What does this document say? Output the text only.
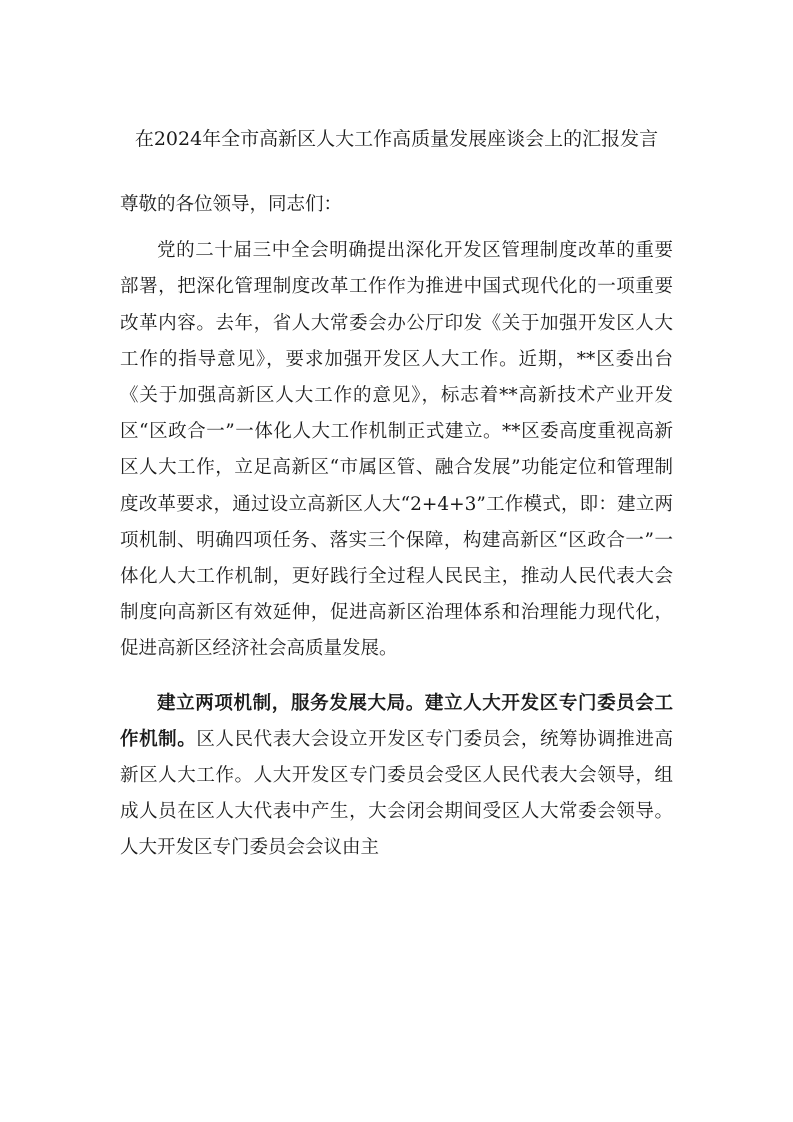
在2024年全市高新区人大工作高质量发展座谈会上的汇报发言

尊敬的各位领导，同志们：

党的二十届三中全会明确提出深化开发区管理制度改革的重要部署，把深化管理制度改革工作作为推进中国式现代化的一项重要改革内容。去年，省人大常委会办公厅印发《关于加强开发区人大工作的指导意见》，要求加强开发区人大工作。近期，**区委出台《关于加强高新区人大工作的意见》，标志着**高新技术产业开发区“区政合一”一体化人大工作机制正式建立。**区委高度重视高新区人大工作，立足高新区“市属区管、融合发展”功能定位和管理制度改革要求，通过设立高新区人大“2+4+3”工作模式，即：建立两项机制、明确四项任务、落实三个保障，构建高新区“区政合一”一体化人大工作机制，更好践行全过程人民民主，推动人民代表大会制度向高新区有效延伸，促进高新区治理体系和治理能力现代化，促进高新区经济社会高质量发展。

建立两项机制，服务发展大局。建立人大开发区专门委员会工作机制。区人民代表大会设立开发区专门委员会，统筹协调推进高新区人大工作。人大开发区专门委员会受区人民代表大会领导，组成人员在区人大代表中产生，大会闭会期间受区人大常委会领导。人大开发区专门委员会会议由主
